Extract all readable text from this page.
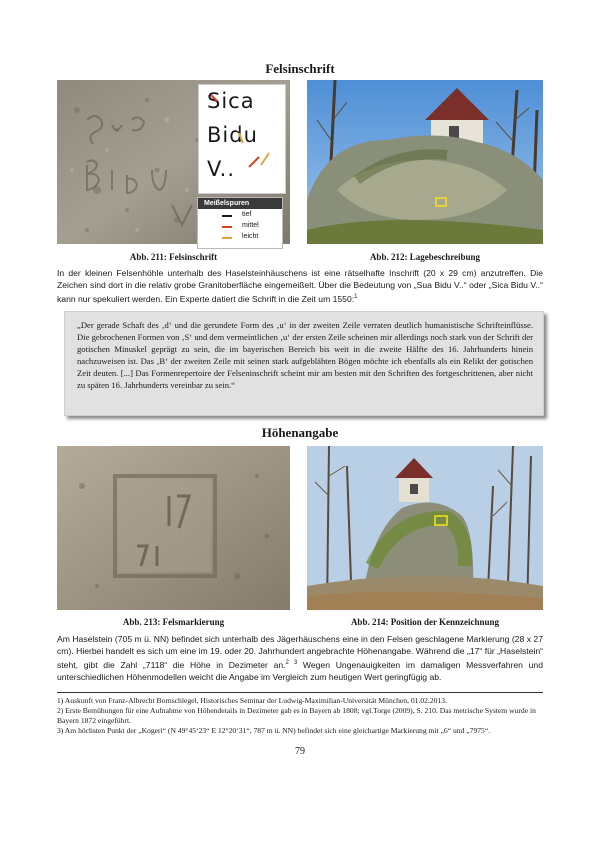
Felsinschrift
Sica
Bidu
V..
Meißelspuren
tief
mittel
leicht
Abb. 211: Felsinschrift	Abb. 212: Lagebeschreibung

In der kleinen Felsenhöhle unterhalb des Haselsteinhäuschens ist eine rätselhafte Inschrift (20 x 29 cm) anzutreffen. Die Zeichen sind dort in die relativ grobe Granitoberfläche eingemeißelt. Über die Bedeutung von „Sua Bidu V..“ oder „Sica Bidu V..“ kann nur spekuliert werden. Ein Experte datiert die Schrift in die Zeit um 1550:$^1$

„Der gerade Schaft des ‚d‘ und die gerundete Form des ‚u‘ in der zweiten Zeile verraten deutlich humanistische Schrifteinflüsse. Die gebrochenen Formen von ‚S‘ und dem vermeintlichen ‚u‘ der ersten Zeile scheinen mir allerdings noch stark von der Schrift der gotischen Minuskel geprägt zu sein, die im bayerischen Bereich bis weit in die zweite Hälfte des 16. Jahrhunderts hinein nachzuweisen ist. Das ‚B‘ der zweiten Zeile mit seinen stark aufgeblähten Bögen möchte ich ebenfalls als ein Relikt der gotischen Zeit deuten. [...] Das Formenrepertoire der Felseninschrift scheint mir am besten mit den Schriften des fortgeschrittenen, aber nicht zu späten 16. Jahrhunderts vereinbar zu sein.“

Höhenangabe
Abb. 213: Felsmarkierung	Abb. 214: Position der Kennzeichnung

Am Haselstein (705 m ü. NN) befindet sich unterhalb des Jägerhäuschens eine in den Felsen geschlagene Markierung (28 x 27 cm). Hierbei handelt es sich um eine im 19. oder 20. Jahrhundert angebrachte Höhenangabe. Während die „17“ für „Haselstein“ steht, gibt die Zahl „7118“ die Höhe in Dezimeter an.$^{2 3}$ Wegen Ungenauigkeiten im damaligen Messverfahren und unterschiedlichen Höhenmodellen weicht die Angabe im Vergleich zum heutigen Wert geringfügig ab.

1) Auskunft von Franz-Albrecht Bornschlegel, Historisches Seminar der Ludwig-Maximilian-Universität München, 01.02.2013.
2) Erste Bemühungen für eine Aufnahme von Höhendetails in Dezimeter gab es in Bayern ab 1808; vgl.Torge (2009), S. 210. Das metrische System wurde in Bayern 1872 eingeführt.
3) Am höchsten Punkt der „Kogeri“ (N 49°45‘23“ E 12°20‘31“, 787 m ü. NN) befindet sich eine gleichartige Markierung mit „6“ und „7975“.
79
